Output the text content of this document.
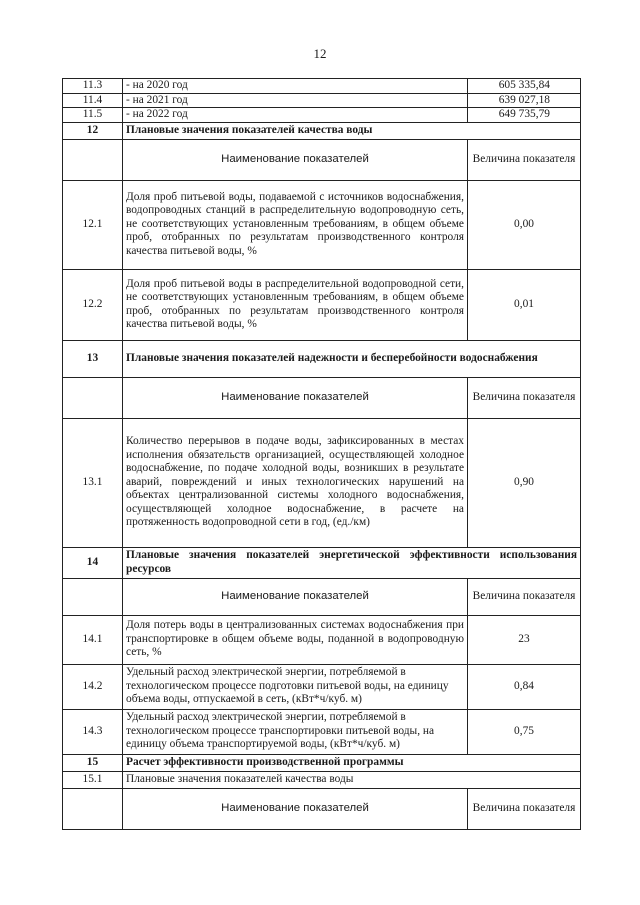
12
11.3	- на 2020 год	605 335,84
11.4	- на 2021 год	639 027,18
11.5	- на 2022 год	649 735,79
12	Плановые значения показателей качества воды	
	Наименование показателей	Величина показателя
12.1	Доля проб питьевой воды, подаваемой с источников водоснабжения, водопроводных станций в распределительную водопроводную сеть, не соответствующих установленным требованиям, в общем объеме проб, отобранных по результатам производственного контроля качества питьевой воды, %	0,00
12.2	Доля проб питьевой воды в распределительной водопроводной сети, не соответствующих установленным требованиям, в общем объеме проб, отобранных по результатам производственного контроля качества питьевой воды, %	0,01
13	Плановые значения показателей надежности и бесперебойности водоснабжения	
	Наименование показателей	Величина показателя
13.1	Количество перерывов в подаче воды, зафиксированных в местах исполнения обязательств организацией, осуществляющей холодное водоснабжение, по подаче холодной воды, возникших в результате аварий, повреждений и иных технологических нарушений на объектах централизованной системы холодного водоснабжения, осуществляющей холодное водоснабжение, в расчете на протяженность водопроводной сети в год, (ед./км)	0,90
14	Плановые значения показателей энергетической эффективности использования ресурсов	
	Наименование показателей	Величина показателя
14.1	Доля потерь воды в централизованных системах водоснабжения при транспортировке в общем объеме воды, поданной в водопроводную сеть, %	23
14.2	Удельный расход электрической энергии, потребляемой в технологическом процессе подготовки питьевой воды, на единицу объема воды, отпускаемой в сеть, (кВт*ч/куб. м)	0,84
14.3	Удельный расход электрической энергии, потребляемой в технологическом процессе транспортировки питьевой воды, на единицу объема транспортируемой воды, (кВт*ч/куб. м)	0,75
15	Расчет эффективности производственной программы	
15.1	Плановые значения показателей качества воды	
	Наименование показателей	Величина показателя
